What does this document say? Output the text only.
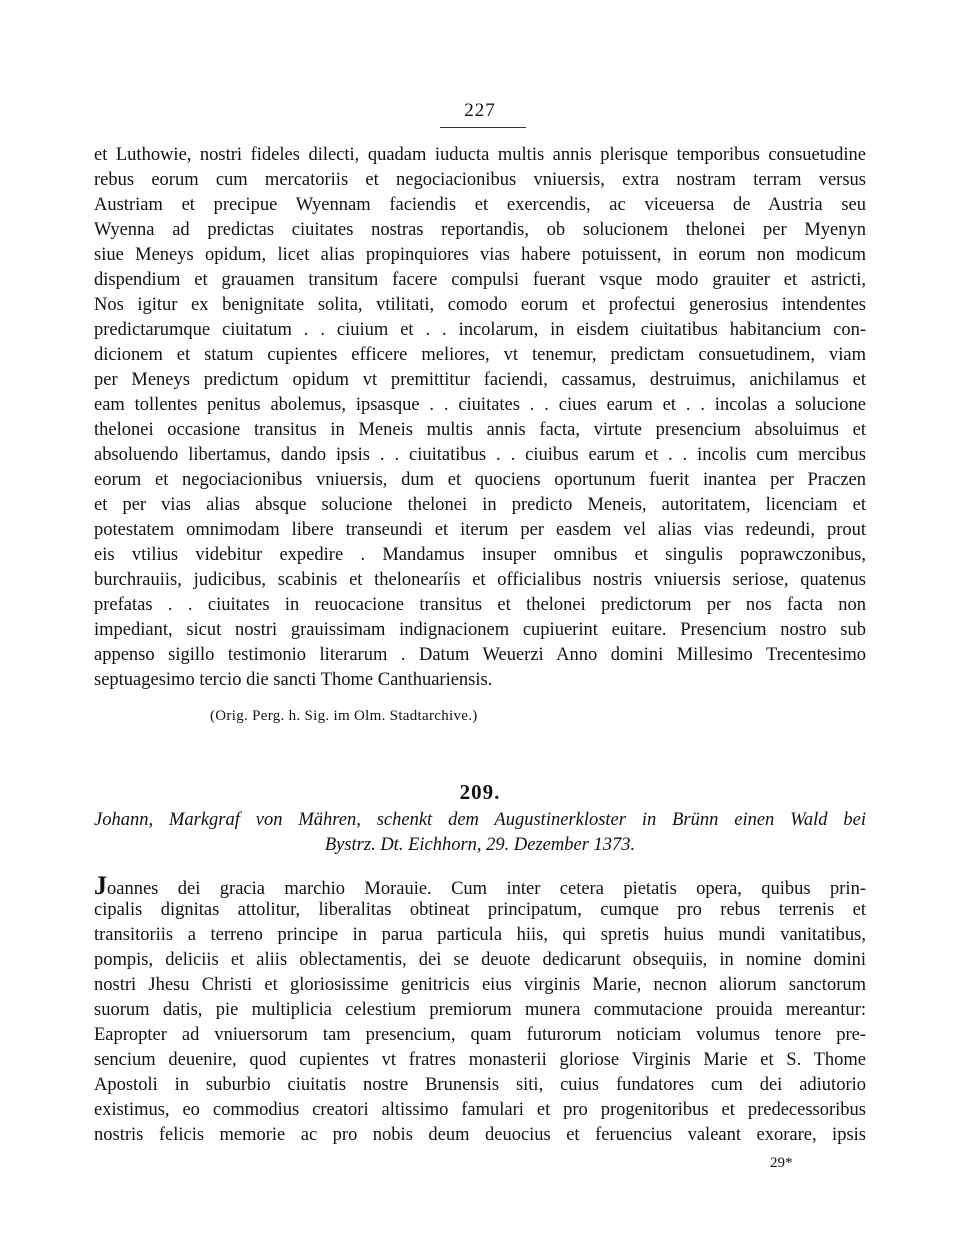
227
et Luthowie, nostri fideles dilecti, quadam iuducta multis annis plerisque temporibus consuetudine
rebus eorum cum mercatoriis et negociacionibus vniuersis, extra nostram terram versus
Austriam et precipue Wyennam faciendis et exercendis, ac viceuersa de Austria seu
Wyenna ad predictas ciuitates nostras reportandis, ob solucionem thelonei per Myenyn
siue Meneys opidum, licet alias propinquiores vias habere potuissent, in eorum non modicum
dispendium et grauamen transitum facere compulsi fuerant vsque modo grauiter et astricti,
Nos igitur ex benignitate solita, vtilitati, comodo eorum et profectui generosius intendentes
predictarumque ciuitatum . . ciuium et . . incolarum, in eisdem ciuitatibus habitancium con-
dicionem et statum cupientes efficere meliores, vt tenemur, predictam consuetudinem, viam
per Meneys predictum opidum vt premittitur faciendi, cassamus, destruimus, anichilamus et
eam tollentes penitus abolemus, ipsasque . . ciuitates . . ciues earum et . . incolas a solucione
thelonei occasione transitus in Meneis multis annis facta, virtute presencium absoluimus et
absoluendo libertamus, dando ipsis . . ciuitatibus . . ciuibus earum et . . incolis cum mercibus
eorum et negociacionibus vniuersis, dum et quociens oportunum fuerit inantea per Praczen
et per vias alias absque solucione thelonei in predicto Meneis, autoritatem, licenciam et
potestatem omnimodam libere transeundi et iterum per easdem vel alias vias redeundi, prout
eis vtilius videbitur expedire . Mandamus insuper omnibus et singulis poprawczonibus,
burchrauiis, judicibus, scabinis et thelonearíis et officialibus nostris vniuersis seriose, quatenus
prefatas . . ciuitates in reuocacione transitus et thelonei predictorum per nos facta non
impediant, sicut nostri grauissimam indignacionem cupiuerint euitare. Presencium nostro sub
appenso sigillo testimonio literarum . Datum Weuerzi Anno domini Millesimo Trecentesimo
septuagesimo tercio die sancti Thome Canthuariensis.
(Orig. Perg. h. Sig. im Olm. Stadtarchive.)
209.
Johann, Markgraf von Mähren, schenkt dem Augustinerkloster in Brünn einen Wald bei
Bystrz. Dt. Eichhorn, 29. Dezember 1373.
Joannes dei gracia marchio Morauie. Cum inter cetera pietatis opera, quibus prin-
cipalis dignitas attolitur, liberalitas obtineat principatum, cumque pro rebus terrenis et
transitoriis a terreno principe in parua particula hiis, qui spretis huius mundi vanitatibus,
pompis, deliciis et aliis oblectamentis, dei se deuote dedicarunt obsequiis, in nomine domini
nostri Jhesu Christi et gloriosissime genitricis eius virginis Marie, necnon aliorum sanctorum
suorum datis, pie multiplicia celestium premiorum munera commutacione prouida mereantur:
Eapropter ad vniuersorum tam presencium, quam futurorum noticiam volumus tenore pre-
sencium deuenire, quod cupientes vt fratres monasterii gloriose Virginis Marie et S. Thome
Apostoli in suburbio ciuitatis nostre Brunensis siti, cuius fundatores cum dei adiutorio
existimus, eo commodius creatori altissimo famulari et pro progenitoribus et predecessoribus
nostris felicis memorie ac pro nobis deum deuocius et feruencius valeant exorare, ipsis
29*
